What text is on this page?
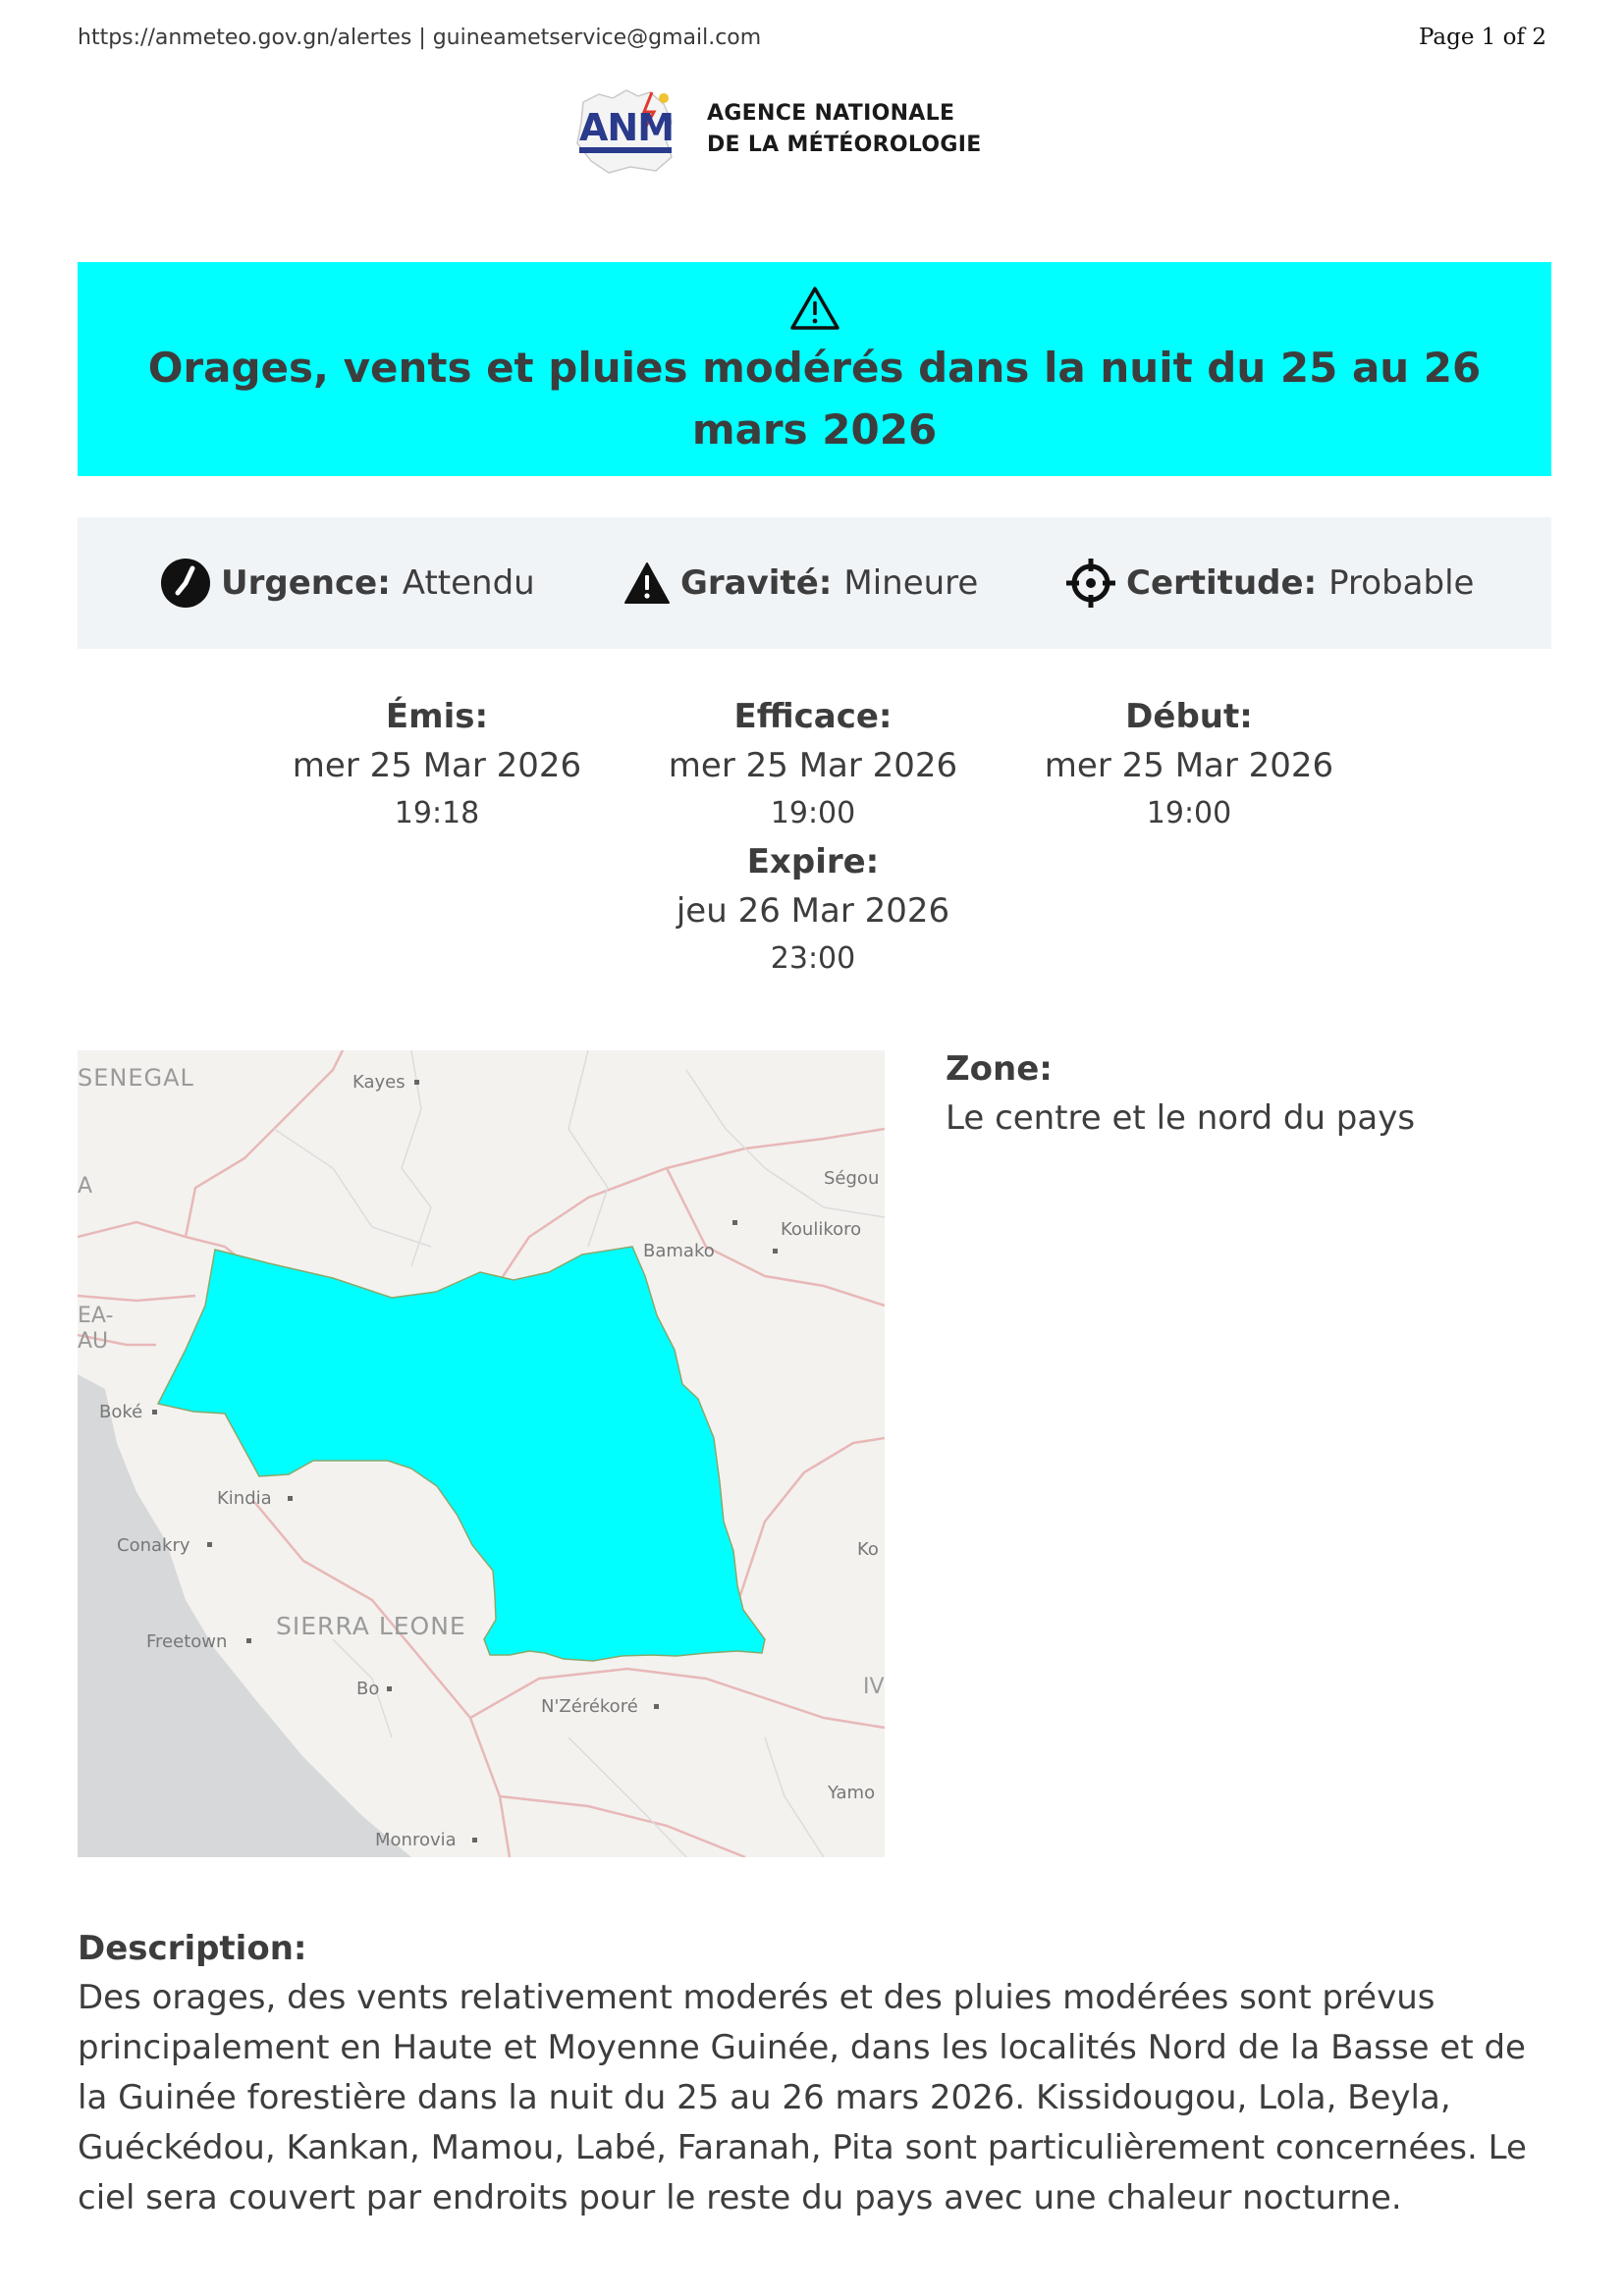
https://anmeteo.gov.gn/alertes | guineametservice@gmail.com	Page 1 of 2
ANM AGENCE NATIONALE
DE LA MÉTÉOROLOGIE
Orages, vents et pluies modérés dans la nuit du 25 au 26 mars 2026
Urgence: Attendu	Gravité: Mineure	Certitude: Probable
Émis:
mer 25 Mar 2026
19:18
Efficace:
mer 25 Mar 2026
19:00
Début:
mer 25 Mar 2026
19:00
Expire:
jeu 26 Mar 2026
23:00
SENEGAL	Kayes
Ségou
Koulikoro
Bamako
A
EA-
AU
Boké
Kindia
Conakry	Ko
Freetown
SIERRA LEONE
Bo
N'Zérékoré
IV
Yamo
Monrovia
Zone:
Le centre et le nord du pays
Description:
Des orages, des vents relativement moderés et des pluies modérées sont prévus principalement en Haute et Moyenne Guinée, dans les localités Nord de la Basse et de la Guinée forestière dans la nuit du 25 au 26 mars 2026. Kissidougou, Lola, Beyla, Guéckédou, Kankan, Mamou, Labé, Faranah, Pita sont particulièrement concernées. Le ciel sera couvert par endroits pour le reste du pays avec une chaleur nocturne.
